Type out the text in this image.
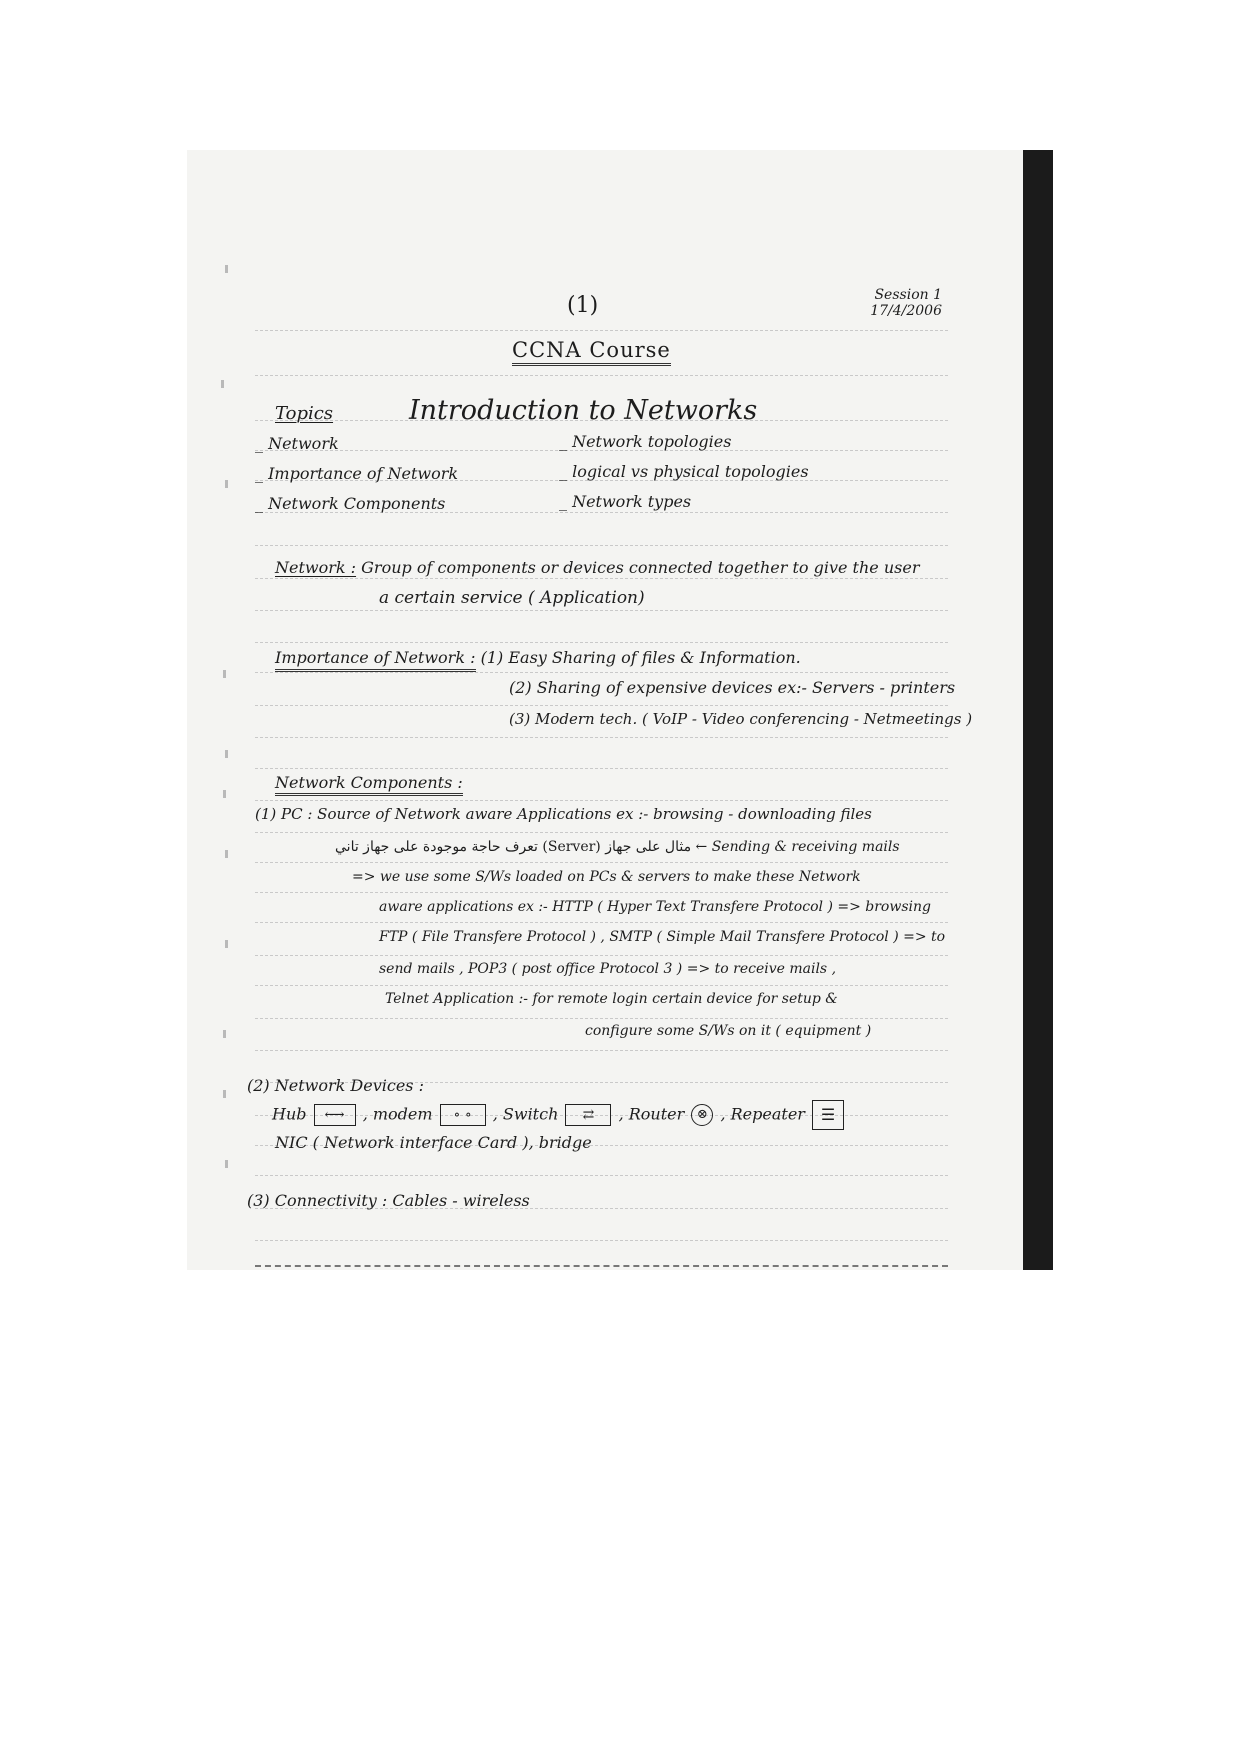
(1)	Session 1
17/4/2006
CCNA Course
Topics	Introduction to Networks
_ Network
_ Importance of Network
_ Network Components
_ Network topologies
_ logical vs physical topologies
_ Network types
Network : Group of components or devices connected together to give the user
a certain service ( Application)
Importance of Network : (1) Easy Sharing of files & Information.
(2) Sharing of expensive devices ex:- Servers - printers
(3) Modern tech. ( VoIP - Video conferencing - Netmeetings )
Network Components :
(1) PC : Source of Network aware Applications ex :- browsing - downloading files
تعرف حاجة موجودة على جهاز تاني (Server) مثال على جهاز ← Sending & receiving mails
=> we use some S/Ws loaded on PCs & servers to make these Network
aware applications ex :- HTTP ( Hyper Text Transfere Protocol ) => browsing
FTP ( File Transfere Protocol ) , SMTP ( Simple Mail Transfere Protocol ) => to
send mails , POP3 ( post office Protocol 3 ) => to receive mails ,
Telnet Application :- for remote login certain device for setup &
configure some S/Ws on it ( equipment )
(2) Network Devices :
Hub ⟷ , modem ∘ ∘ , Switch ⇄ , Router ⊗ , Repeater ☰
NIC ( Network interface Card ), bridge
(3) Connectivity : Cables - wireless
